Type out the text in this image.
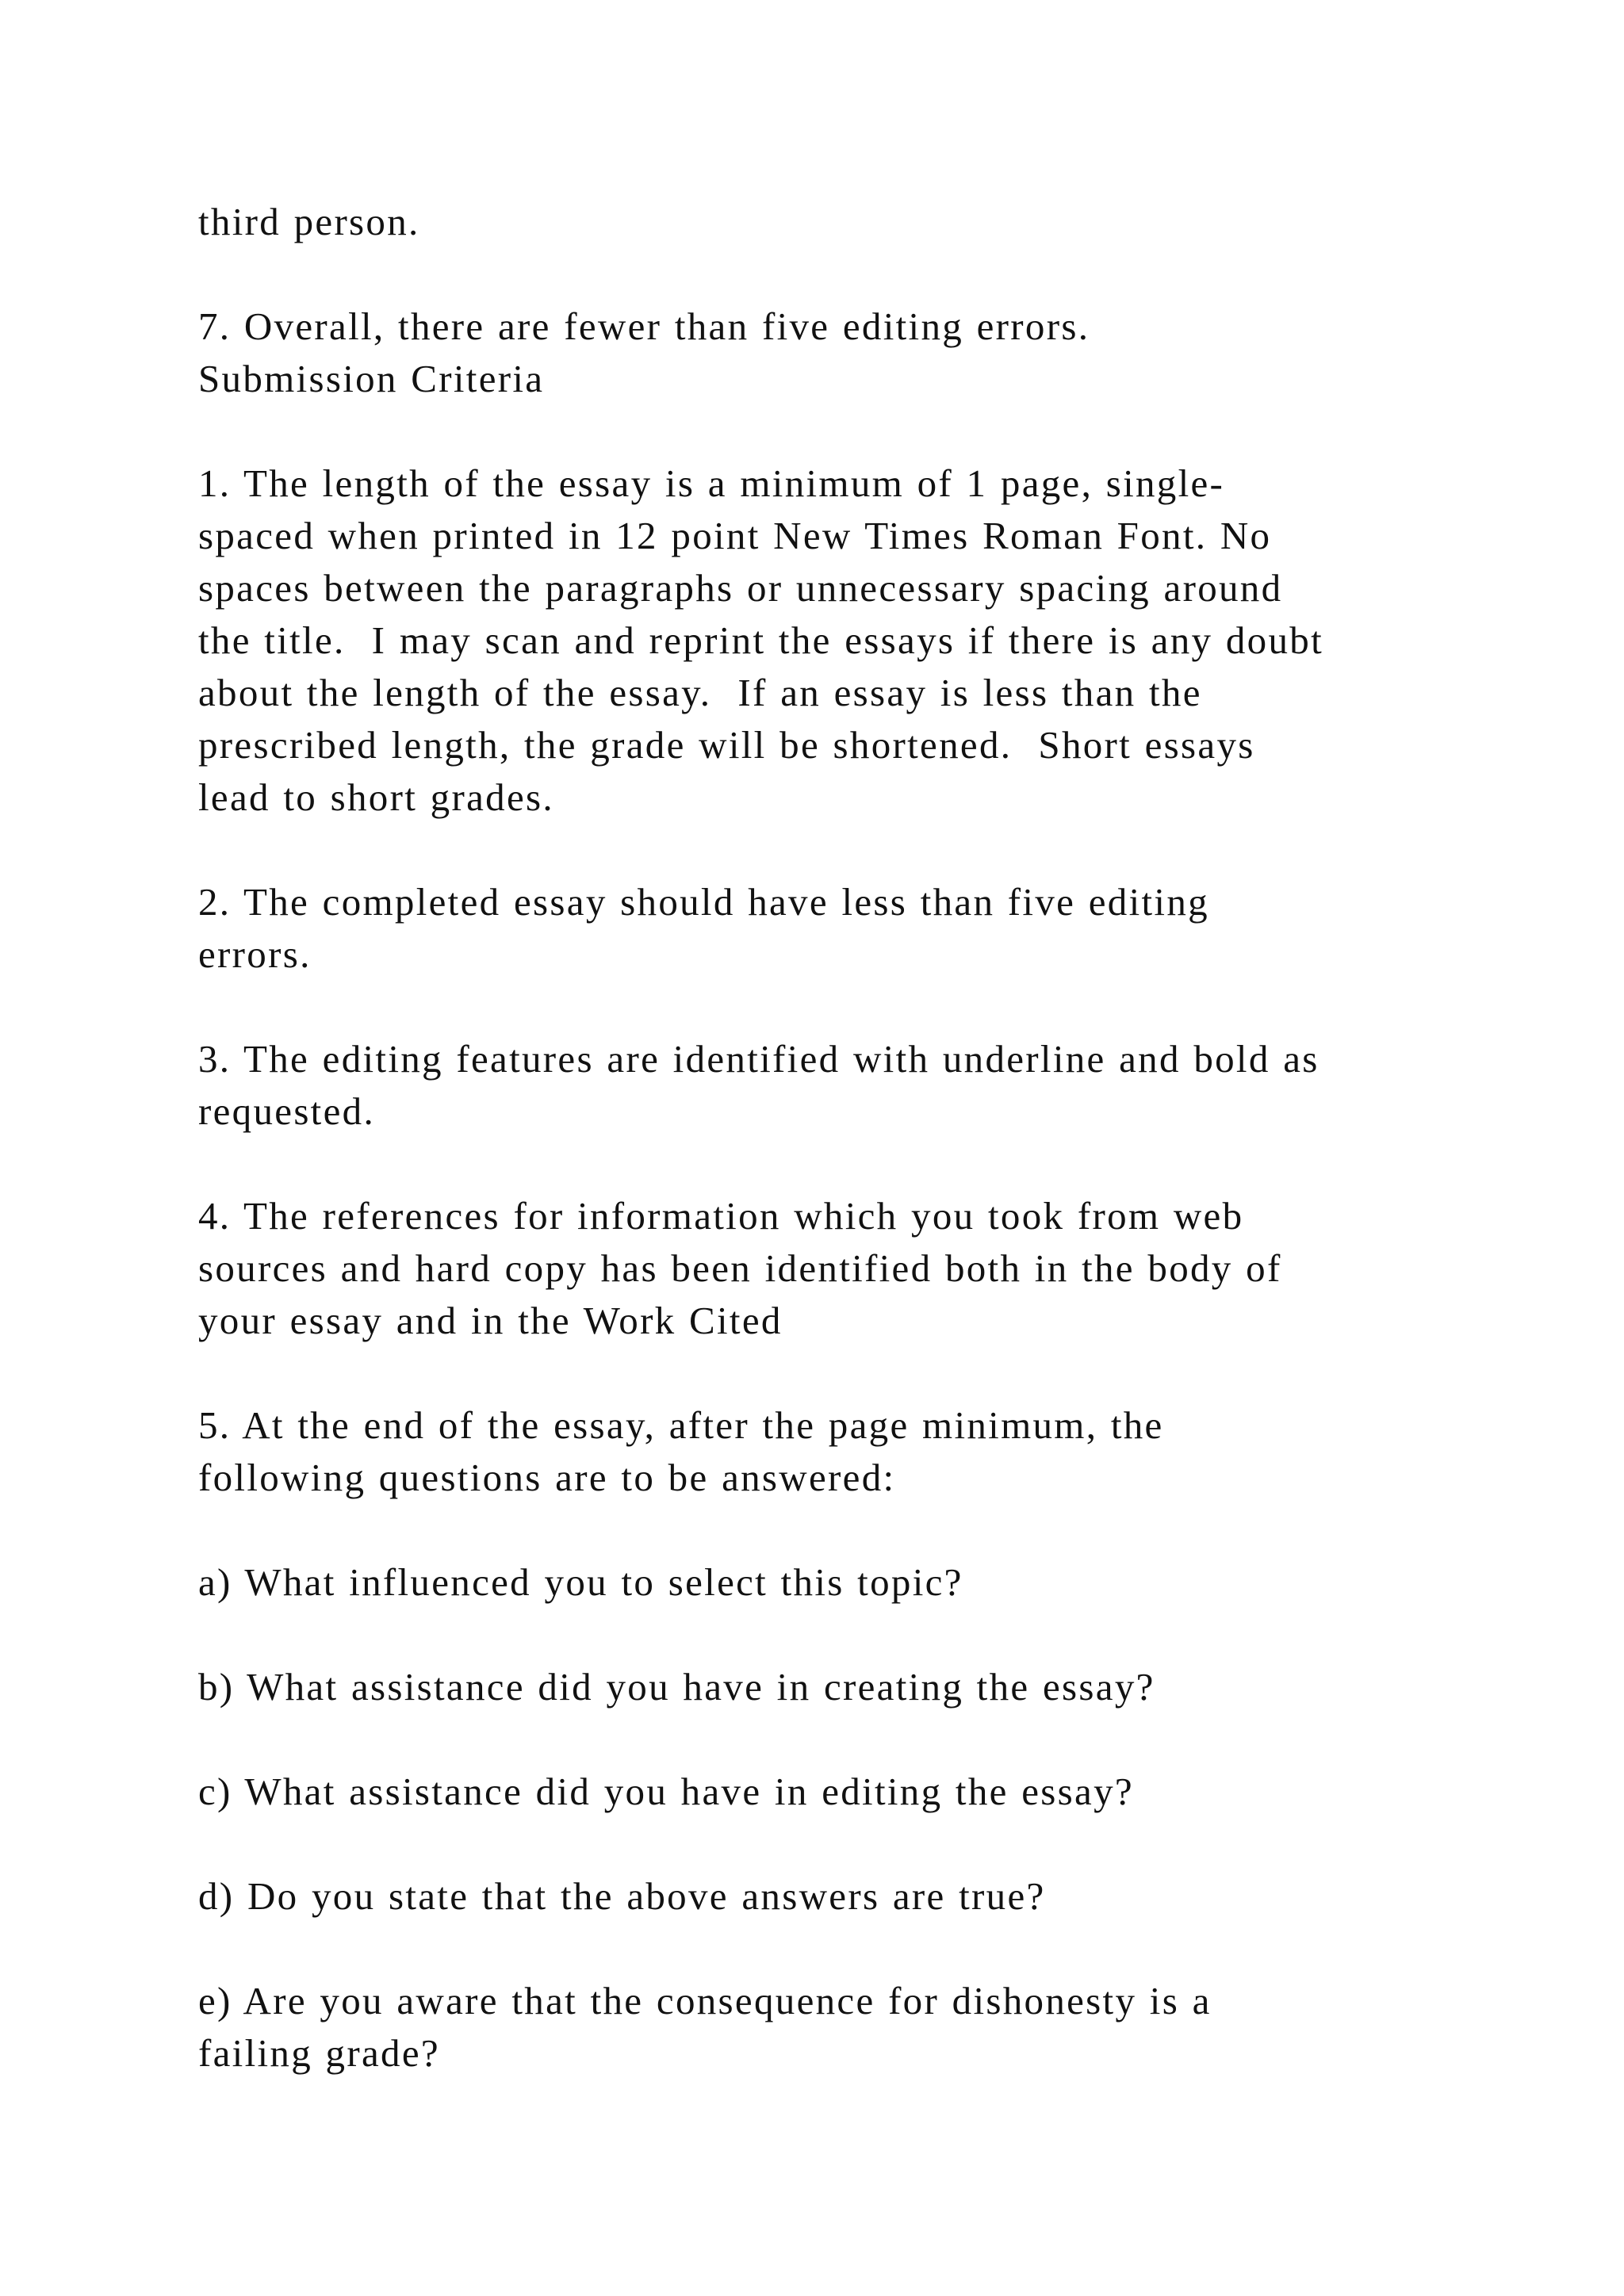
third person.

7. Overall, there are fewer than five editing errors.

Submission Criteria

1. The length of the essay is a minimum of 1 page, single-

spaced when printed in 12 point New Times Roman Font. No

spaces between the paragraphs or unnecessary spacing around

the title.  I may scan and reprint the essays if there is any doubt

about the length of the essay.  If an essay is less than the

prescribed length, the grade will be shortened.  Short essays

lead to short grades.

2. The completed essay should have less than five editing

errors.

3. The editing features are identified with underline and bold as

requested.

4. The references for information which you took from web

sources and hard copy has been identified both in the body of

your essay and in the Work Cited

5. At the end of the essay, after the page minimum, the

following questions are to be answered:

a) What influenced you to select this topic?

b) What assistance did you have in creating the essay?

c) What assistance did you have in editing the essay?

d) Do you state that the above answers are true?

e) Are you aware that the consequence for dishonesty is a

failing grade?
